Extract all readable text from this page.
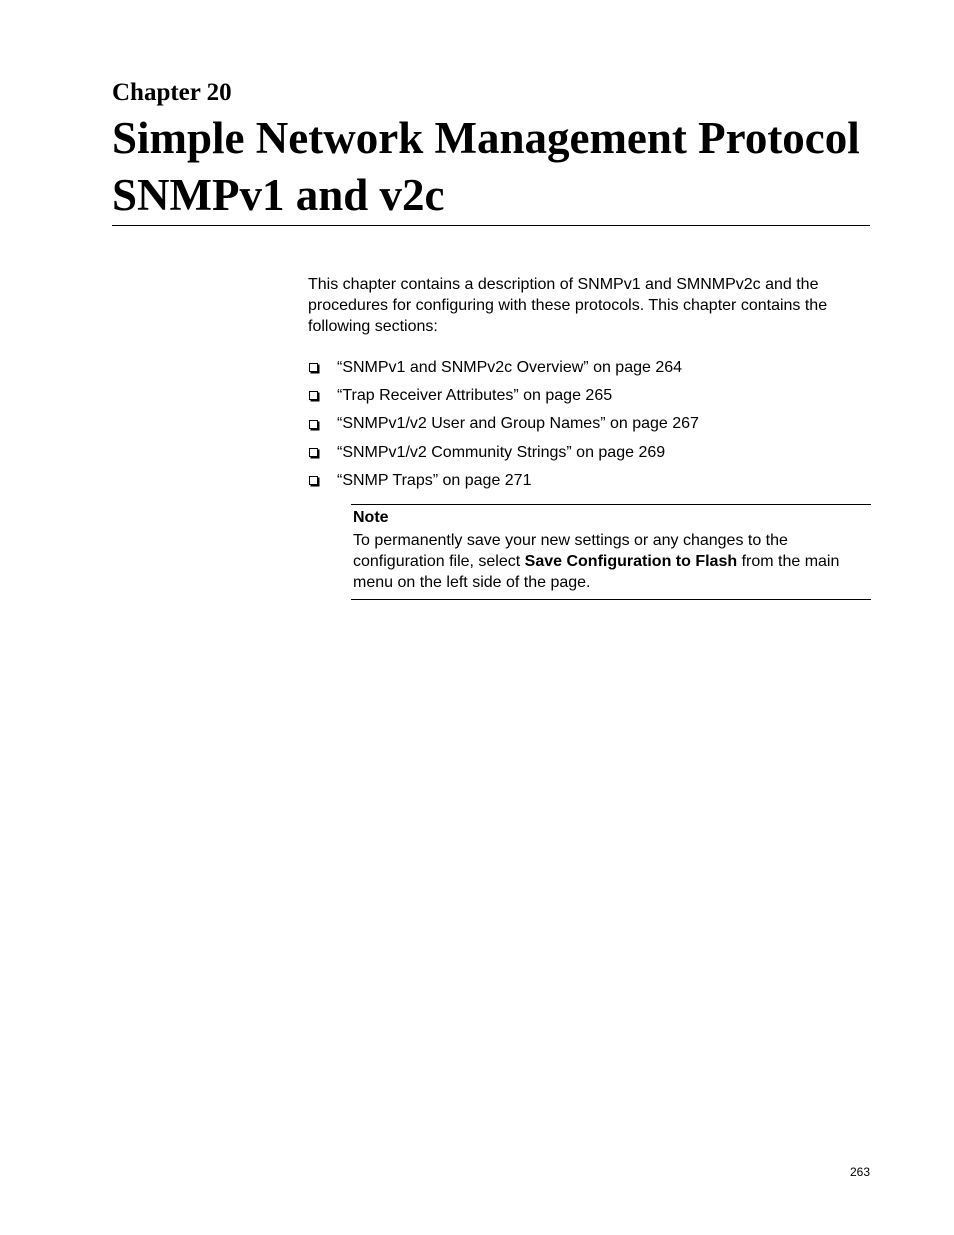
Chapter 20
Simple Network Management Protocol
SNMPv1 and v2c

This chapter contains a description of SNMPv1 and SMNMPv2c and the procedures for configuring with these protocols. This chapter contains the following sections:

“SNMPv1 and SNMPv2c Overview” on page 264
“Trap Receiver Attributes” on page 265
“SNMPv1/v2 User and Group Names” on page 267
“SNMPv1/v2 Community Strings” on page 269
“SNMP Traps” on page 271
Note

To permanently save your new settings or any changes to the configuration file, select Save Configuration to Flash from the main menu on the left side of the page.

263
